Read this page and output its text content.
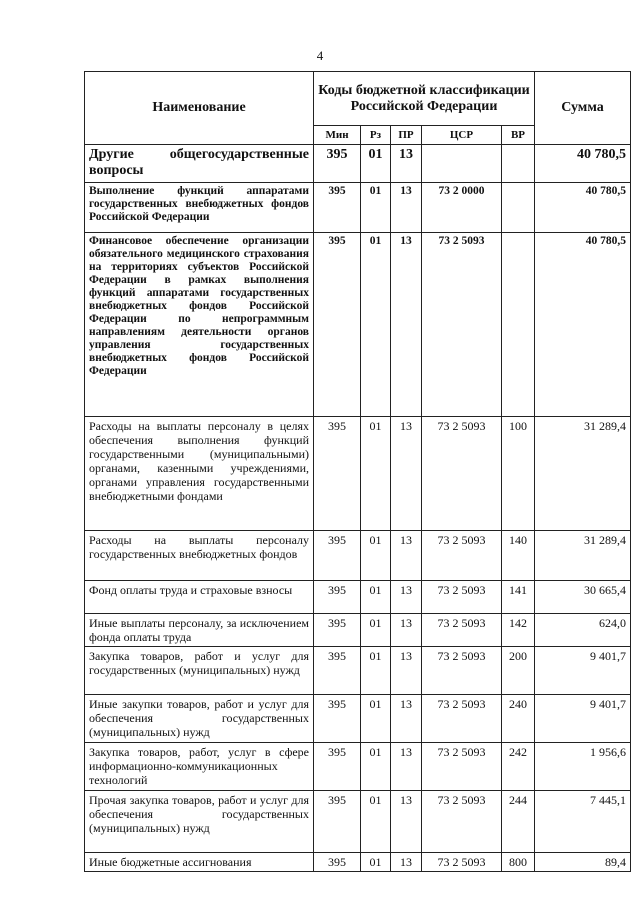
4
Наименование	Коды бюджетной классификации Российской Федерации					Сумма
	Мин	Рз	ПР	ЦСР	ВР	
Другие общегосударственные вопросы	395	01	13			40 780,5
Выполнение функций аппаратами государственных внебюджетных фондов Российской Федерации	395	01	13	73 2 0000		40 780,5
Финансовое обеспечение организации обязательного медицинского страхования на территориях субъектов Российской Федерации в рамках выполнения функций аппаратами государственных внебюджетных фондов Российской Федерации по непрограммным направлениям деятельности органов управления государственных внебюджетных фондов Российской Федерации	395	01	13	73 2 5093		40 780,5
Расходы на выплаты персоналу в целях обеспечения выполнения функций государственными (муниципальными) органами, казенными учреждениями, органами управления государственными внебюджетными фондами	395	01	13	73 2 5093	100	31 289,4
Расходы на выплаты персоналу государственных внебюджетных фондов	395	01	13	73 2 5093	140	31 289,4
Фонд оплаты труда и страховые взносы	395	01	13	73 2 5093	141	30 665,4
Иные выплаты персоналу, за исключением фонда оплаты труда	395	01	13	73 2 5093	142	624,0
Закупка товаров, работ и услуг для государственных (муниципальных) нужд	395	01	13	73 2 5093	200	9 401,7
Иные закупки товаров, работ и услуг для обеспечения государственных (муниципальных) нужд	395	01	13	73 2 5093	240	9 401,7
Закупка товаров, работ, услуг в сфере информационно-коммуникационных технологий	395	01	13	73 2 5093	242	1 956,6
Прочая закупка товаров, работ и услуг для обеспечения государственных (муниципальных) нужд	395	01	13	73 2 5093	244	7 445,1
Иные бюджетные ассигнования	395	01	13	73 2 5093	800	89,4
